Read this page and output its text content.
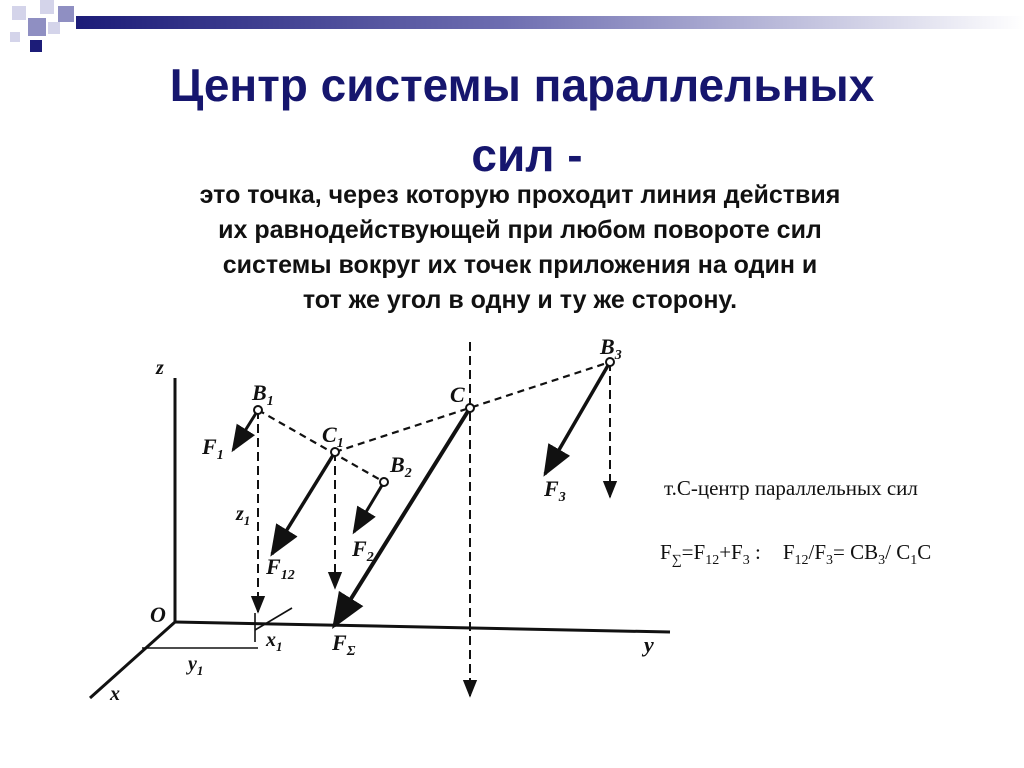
Центр системы параллельных
сил -

это точка, через которую проходит линия действия
их равнодействующей при любом повороте сил
системы вокруг их точек приложения на один и
тот же угол в одну и ту же сторону.

z
y
x
O
$B_1$
$C_1$
$B_2$
C
$B_3$
$F_1$
$F_2$
$F_{12}$
$F_3$
$F_\Sigma$
$z_1$
$x_1$
$y_1$
т.С-центр параллельных сил
$F_\sum=F_{12}+F_3$ : $F_{12}/F_3= CB_3/$ $C_1C$
